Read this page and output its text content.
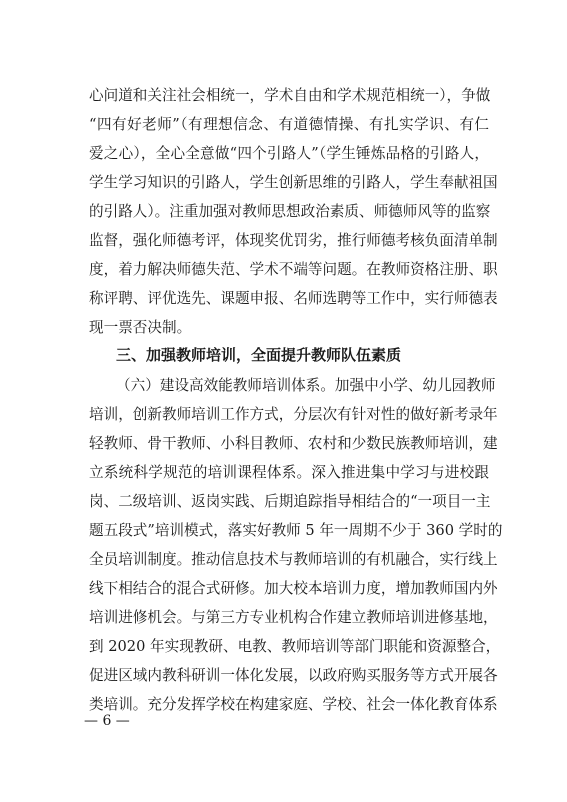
心问道和关注社会相统一，学术自由和学术规范相统一），争做
“四有好老师”（有理想信念、有道德情操、有扎实学识、有仁
爱之心），全心全意做“四个引路人”（学生锤炼品格的引路人，
学生学习知识的引路人，学生创新思维的引路人，学生奉献祖国
的引路人）。注重加强对教师思想政治素质、师德师风等的监察
监督，强化师德考评，体现奖优罚劣，推行师德考核负面清单制
度，着力解决师德失范、学术不端等问题。在教师资格注册、职
称评聘、评优选先、课题申报、名师选聘等工作中，实行师德表
现一票否决制。
三、加强教师培训，全面提升教师队伍素质
（六）建设高效能教师培训体系。加强中小学、幼儿园教师
培训，创新教师培训工作方式，分层次有针对性的做好新考录年
轻教师、骨干教师、小科目教师、农村和少数民族教师培训，建
立系统科学规范的培训课程体系。深入推进集中学习与进校跟
岗、二级培训、返岗实践、后期追踪指导相结合的“一项目一主
题五段式”培训模式，落实好教师 5 年一周期不少于 360 学时的
全员培训制度。推动信息技术与教师培训的有机融合，实行线上
线下相结合的混合式研修。加大校本培训力度，增加教师国内外
培训进修机会。与第三方专业机构合作建立教师培训进修基地，
到 2020 年实现教研、电教、教师培训等部门职能和资源整合，
促进区域内教科研训一体化发展，以政府购买服务等方式开展各
类培训。充分发挥学校在构建家庭、学校、社会一体化教育体系
— 6 —
